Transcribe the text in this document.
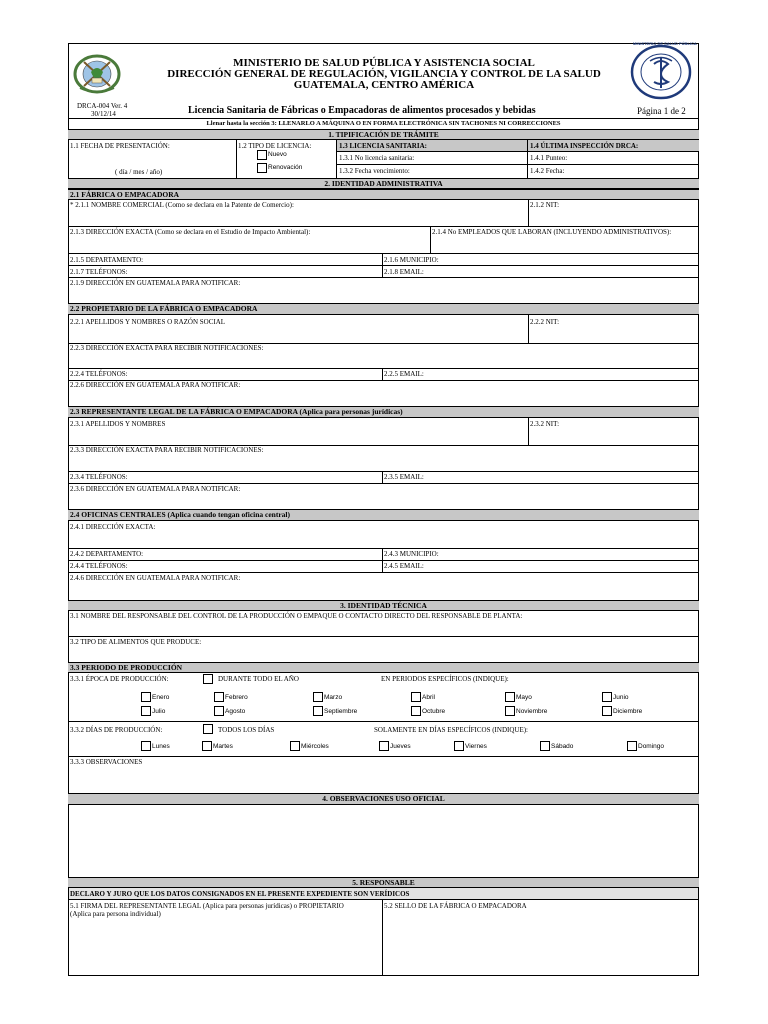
MINISTERIO DE SALUD PÚBLICA Y ASISTENCIA SOCIAL
DIRECCIÓN GENERAL DE REGULACIÓN, VIGILANCIA Y CONTROL DE LA SALUD
GUATEMALA, CENTRO AMÉRICA
MINISTERIO DE SALUD PÚBLICA
DRCA-004 Ver. 4
30/12/14	Licencia Sanitaria de Fábricas o Empacadoras de alimentos procesados y bebidas	Página 1 de 2
Llenar hasta la sección 3: LLENARLO A MÁQUINA O EN FORMA ELECTRÓNICA SIN TACHONES NI CORRECCIONES
1. TIPIFICACIÓN DE TRÁMITE
1.1 FECHA DE PRESENTACIÓN:
( día / mes / año)
1.2 TIPO DE LICENCIA:
Nuevo
Renovación
1.3 LICENCIA SANITARIA:
1.3.1 No licencia sanitaria:
1.3.2 Fecha vencimiento:
1.4 ÚLTIMA INSPECCIÓN DRCA:
1.4.1 Punteo:
1.4.2 Fecha:
2. IDENTIDAD ADMINISTRATIVA
2.1 FÁBRICA O EMPACADORA
* 2.1.1 NOMBRE COMERCIAL (Como se declara en la Patente de Comercio):	2.1.2 NIT:
2.1.3 DIRECCIÓN EXACTA (Como se declara en el Estudio de Impacto Ambiental):	2.1.4 No EMPLEADOS QUE LABORAN (INCLUYENDO ADMINISTRATIVOS):
2.1.5 DEPARTAMENTO:	2.1.6 MUNICIPIO:
2.1.7 TELÉFONOS:	2.1.8 EMAIL:
2.1.9 DIRECCIÓN EN GUATEMALA PARA NOTIFICAR:
2.2 PROPIETARIO DE LA FÁBRICA O EMPACADORA
2.2.1 APELLIDOS Y NOMBRES O RAZÓN SOCIAL	2.2.2 NIT:
2.2.3 DIRECCIÓN EXACTA PARA RECIBIR NOTIFICACIONES:
2.2.4 TELÉFONOS:	2.2.5 EMAIL:
2.2.6 DIRECCIÓN EN GUATEMALA PARA NOTIFICAR:
2.3 REPRESENTANTE LEGAL DE LA FÁBRICA O EMPACADORA (Aplica para personas jurídicas)
2.3.1 APELLIDOS Y NOMBRES	2.3.2 NIT:
2.3.3 DIRECCIÓN EXACTA PARA RECIBIR NOTIFICACIONES:
2.3.4 TELÉFONOS:	2.3.5 EMAIL:
2.3.6 DIRECCIÓN EN GUATEMALA PARA NOTIFICAR:
2.4 OFICINAS CENTRALES (Aplica cuando tengan oficina central)
2.4.1 DIRECCIÓN EXACTA:
2.4.2 DEPARTAMENTO:	2.4.3 MUNICIPIO:
2.4.4 TELÉFONOS:	2.4.5 EMAIL:
2.4.6 DIRECCIÓN EN GUATEMALA PARA NOTIFICAR:
3. IDENTIDAD TÉCNICA
3.1 NOMBRE DEL RESPONSABLE DEL CONTROL DE LA PRODUCCIÓN O EMPAQUE O CONTACTO DIRECTO DEL RESPONSABLE DE PLANTA:
3.2 TIPO DE ALIMENTOS QUE PRODUCE:
3.3 PERIODO DE PRODUCCIÓN
3.3.1 ÉPOCA DE PRODUCCIÓN:	DURANTE TODO EL AÑO	EN PERIODOS ESPECÍFICOS (INDIQUE):
Enero	Febrero	Marzo	Abril	Mayo	Junio
Julio	Agosto	Septiembre	Octubre	Noviembre	Diciembre
3.3.2 DÍAS DE PRODUCCIÓN:	TODOS LOS DÍAS	SOLAMENTE EN DÍAS ESPECÍFICOS (INDIQUE):
Lunes	Martes	Miércoles	Jueves	Viernes	Sábado	Domingo
3.3.3 OBSERVACIONES
4. OBSERVACIONES USO OFICIAL
5. RESPONSABLE
DECLARO Y JURO QUE LOS DATOS CONSIGNADOS EN EL PRESENTE EXPEDIENTE SON VERÍDICOS
5.1 FIRMA DEL REPRESENTANTE LEGAL (Aplica para personas jurídicas) o PROPIETARIO
(Aplica para persona individual)
5.2 SELLO DE LA FÁBRICA O EMPACADORA
